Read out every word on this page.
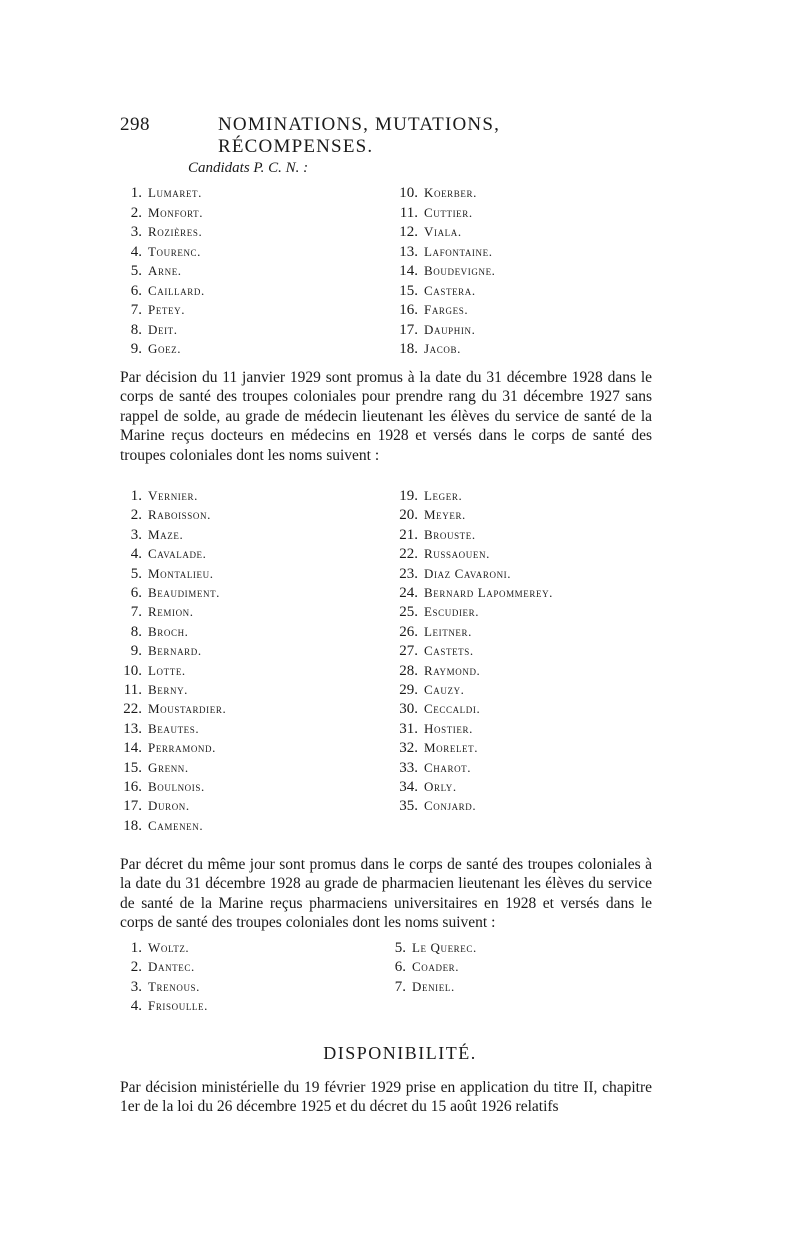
298	NOMINATIONS, MUTATIONS, RÉCOMPENSES.
Candidats P. C. N. :
1. Lumaret.
2. Monfort.
3. Rozières.
4. Tourenc.
5. Arne.
6. Caillard.
7. Petey.
8. Deit.
9. Goez.
10. Koerber.
11. Cuttier.
12. Viala.
13. Lafontaine.
14. Boudevigne.
15. Castera.
16. Farges.
17. Dauphin.
18. Jacob.

Par décision du 11 janvier 1929 sont promus à la date du 31 décembre 1928 dans le corps de santé des troupes coloniales pour prendre rang du 31 décembre 1927 sans rappel de solde, au grade de médecin lieutenant les élèves du service de santé de la Marine reçus docteurs en médecins en 1928 et versés dans le corps de santé des troupes coloniales dont les noms suivent :

1. Vernier.
2. Raboisson.
3. Maze.
4. Cavalade.
5. Montalieu.
6. Beaudiment.
7. Remion.
8. Broch.
9. Bernard.
10. Lotte.
11. Berny.
22. Moustardier.
13. Beautes.
14. Perramond.
15. Grenn.
16. Boulnois.
17. Duron.
18. Camenen.
19. Leger.
20. Meyer.
21. Brouste.
22. Russaouen.
23. Diaz Cavaroni.
24. Bernard Lapommerey.
25. Escudier.
26. Leitner.
27. Castets.
28. Raymond.
29. Cauzy.
30. Ceccaldi.
31. Hostier.
32. Morelet.
33. Charot.
34. Orly.
35. Conjard.

Par décret du même jour sont promus dans le corps de santé des troupes coloniales à la date du 31 décembre 1928 au grade de pharmacien lieutenant les élèves du service de santé de la Marine reçus pharmaciens universitaires en 1928 et versés dans le corps de santé des troupes coloniales dont les noms suivent :

1. Woltz.
2. Dantec.
3. Trenous.
4. Frisoulle.
5. Le Querec.
6. Coader.
7. Deniel.
DISPONIBILITÉ.

Par décision ministérielle du 19 février 1929 prise en application du titre II, chapitre 1er de la loi du 26 décembre 1925 et du décret du 15 août 1926 relatifs
